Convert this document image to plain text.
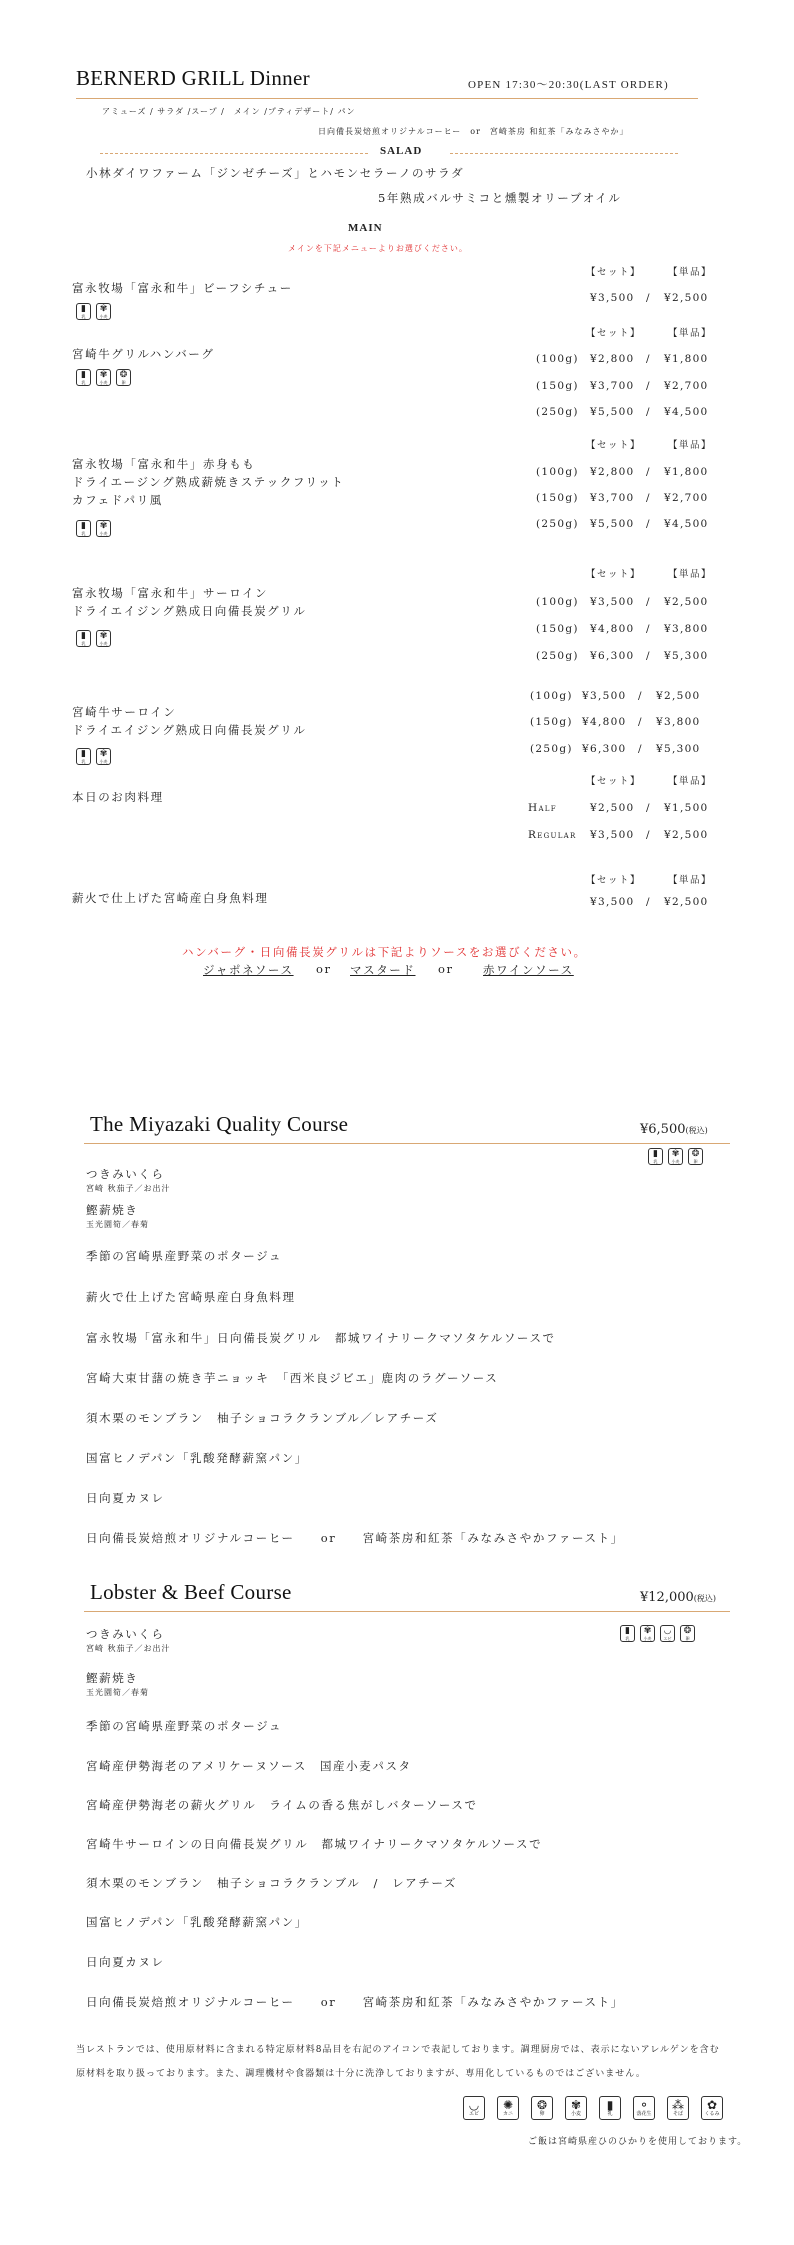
BERNERD GRILL Dinner	OPEN 17:30〜20:30(LAST ORDER)
アミューズ / サラダ /スープ /　メイン /プティデザート/ パン
日向備長炭焙煎オリジナルコーヒー　or　宮崎茶房 和紅茶「みなみさやか」
SALAD
小林ダイワファーム「ジンゼチーズ」とハモンセラーノのサラダ
5年熟成バルサミコと燻製オリーブオイル
MAIN
メインを下記メニューよりお選びください。
富永牧場「富永和牛」ビーフシチュー
▮
乳
✾
小麦
【セット】	【単品】
¥3,500 / ¥2,500
宮崎牛グリルハンバーグ
▮
乳
✾
小麦
❂
卵
【セット】	【単品】
(100g) ¥2,800 / ¥1,800
(150g) ¥3,700 / ¥2,700
(250g) ¥5,500 / ¥4,500
富永牧場「富永和牛」赤身もも
ドライエージング熟成薪焼きステックフリット
カフェドパリ風
▮
乳
✾
小麦
【セット】	【単品】
(100g) ¥2,800 / ¥1,800
(150g) ¥3,700 / ¥2,700
(250g) ¥5,500 / ¥4,500
富永牧場「富永和牛」サーロイン
ドライエイジング熟成日向備長炭グリル
▮
乳
✾
小麦
【セット】	【単品】
(100g) ¥3,500 / ¥2,500
(150g) ¥4,800 / ¥3,800
(250g) ¥6,300 / ¥5,300
宮崎牛サーロイン
ドライエイジング熟成日向備長炭グリル
▮
乳
✾
小麦
(100g) ¥3,500 / ¥2,500
(150g) ¥4,800 / ¥3,800
(250g) ¥6,300 / ¥5,300
本日のお肉料理
【セット】	【単品】
Half	¥2,500 / ¥1,500
Regular ¥3,500 / ¥2,500
薪火で仕上げた宮崎産白身魚料理
【セット】	【単品】
¥3,500 / ¥2,500
ハンバーグ・日向備長炭グリルは下記よりソースをお選びください。
ジャポネソース or マスタード or	赤ワインソース
The Miyazaki Quality Course	¥6,500(税込)
▮
乳
✾
小麦
❂
卵
つきみいくら
宮崎 秋茄子／お出汁
鰹薪焼き
玉光園筍／春菊
季節の宮崎県産野菜のポタージュ
薪火で仕上げた宮崎県産白身魚料理
富永牧場「富永和牛」日向備長炭グリル　都城ワイナリークマソタケルソースで
宮崎大束甘藷の焼き芋ニョッキ　「西米良ジビエ」鹿肉のラグーソース
須木栗のモンブラン　柚子ショコラクランブル／レアチーズ
国富ヒノデパン「乳酸発酵薪窯パン」
日向夏カヌレ
日向備長炭焙煎オリジナルコーヒー　　or　　宮崎茶房和紅茶「みなみさやかファースト」
Lobster & Beef Course	¥12,000(税込)
▮
乳
✾
小麦
◡
エビ
❂
卵
つきみいくら
宮崎 秋茄子／お出汁
鰹薪焼き
玉光園筍／春菊
季節の宮崎県産野菜のポタージュ
宮崎産伊勢海老のアメリケーヌソース　国産小麦パスタ
宮崎産伊勢海老の薪火グリル　ライムの香る焦がしバターソースで
宮崎牛サーロインの日向備長炭グリル　都城ワイナリークマソタケルソースで
須木栗のモンブラン　柚子ショコラクランブル　/　レアチーズ
国富ヒノデパン「乳酸発酵薪窯パン」
日向夏カヌレ
日向備長炭焙煎オリジナルコーヒー　　or　　宮崎茶房和紅茶「みなみさやかファースト」
当レストランでは、使用原材料に含まれる特定原材料8品目を右記のアイコンで表記しております。調理厨房では、表示にないアレルゲンを含む
原材料を取り扱っております。また、調理機材や食器類は十分に洗浄しておりますが、専用化しているものではございません。
◡
エビ
✺
カニ
❂
卵
✾
小麦
▮
乳
⚬
落花生
⁂
そば
✿
くるみ
ご飯は宮崎県産ひのひかりを使用しております。
